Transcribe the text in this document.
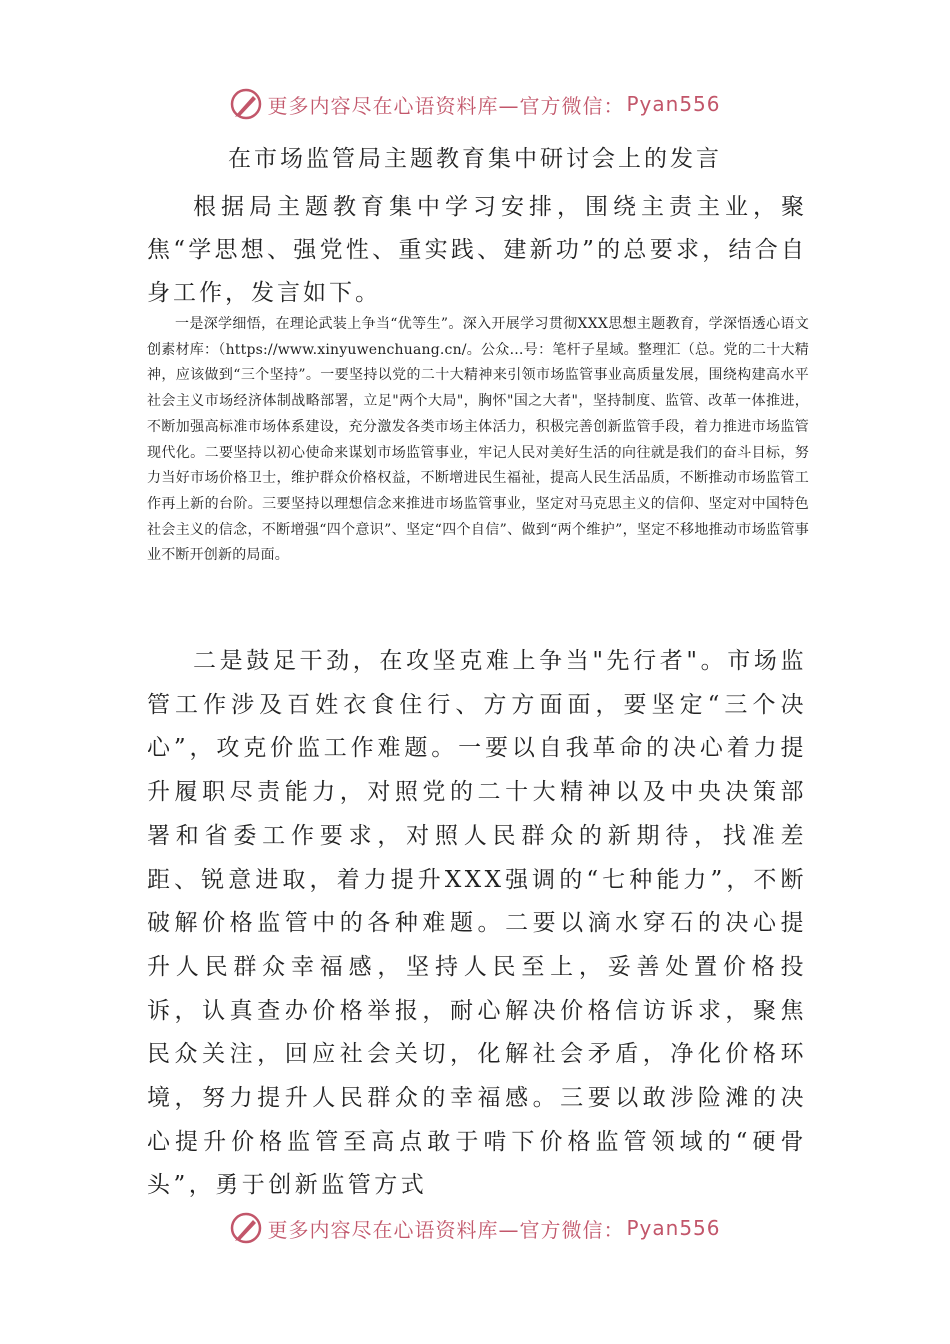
更多内容尽在心语资料库—官方微信： Pyan556
在市场监管局主题教育集中研讨会上的发言

根据局主题教育集中学习安排，围绕主责主业，聚焦“学思想、强党性、重实践、建新功”的总要求，结合自身工作，发言如下。

一是深学细悟，在理论武装上争当“优等生”。深入开展学习贯彻XXX思想主题教育，学深悟透心语文创素材库：（https://www.xinyuwenchuang.cn/。公众…号：笔杆子星域。整理汇（总。党的二十大精神，应该做到“三个坚持”。一要坚持以党的二十大精神来引领市场监管事业高质量发展，围绕构建高水平社会主义市场经济体制战略部署，立足"两个大局"，胸怀"国之大者"，坚持制度、监管、改革一体推进，不断加强高标准市场体系建设，充分激发各类市场主体活力，积极完善创新监管手段，着力推进市场监管现代化。二要坚持以初心使命来谋划市场监管事业，牢记人民对美好生活的向往就是我们的奋斗目标，努力当好市场价格卫士，维护群众价格权益，不断增进民生福祉，提高人民生活品质，不断推动市场监管工作再上新的台阶。三要坚持以理想信念来推进市场监管事业，坚定对马克思主义的信仰、坚定对中国特色社会主义的信念，不断增强“四个意识”、坚定“四个自信”、做到“两个维护”，坚定不移地推动市场监管事业不断开创新的局面。

二是鼓足干劲，在攻坚克难上争当"先行者"。市场监管工作涉及百姓衣食住行、方方面面，要坚定“三个决心”，攻克价监工作难题。一要以自我革命的决心着力提升履职尽责能力，对照党的二十大精神以及中央决策部署和省委工作要求，对照人民群众的新期待，找准差距、锐意进取，着力提升XXX强调的“七种能力”，不断破解价格监管中的各种难题。二要以滴水穿石的决心提升人民群众幸福感，坚持人民至上，妥善处置价格投诉，认真查办价格举报，耐心解决价格信访诉求，聚焦民众关注，回应社会关切，化解社会矛盾，净化价格环境，努力提升人民群众的幸福感。三要以敢涉险滩的决心提升价格监管至高点敢于啃下价格监管领域的“硬骨头”，勇于创新监管方式

更多内容尽在心语资料库—官方微信： Pyan556
